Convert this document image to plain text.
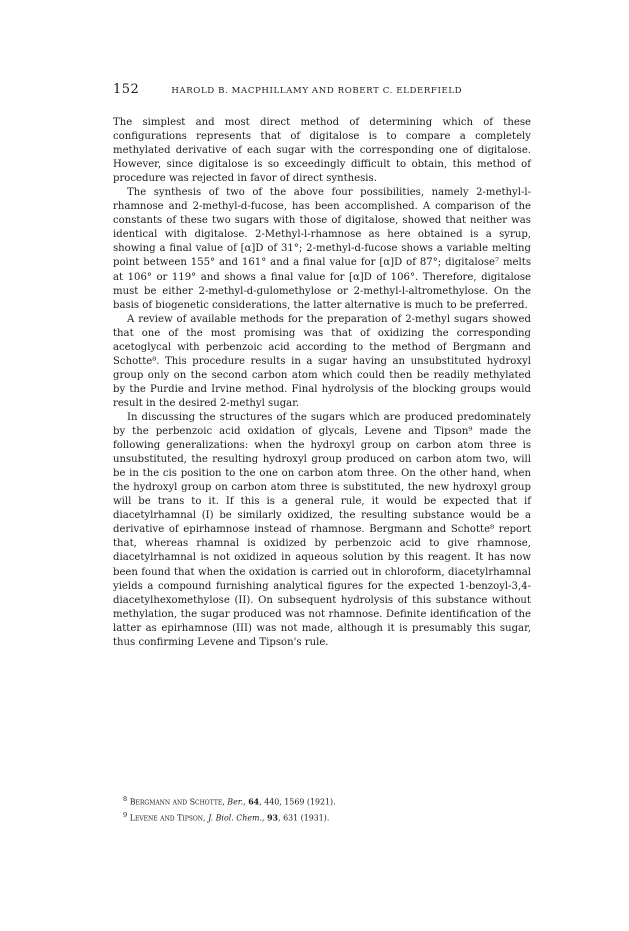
152	HAROLD B. MACPHILLAMY AND ROBERT C. ELDERFIELD

The simplest and most direct method of determining which of these configurations represents that of digitalose is to compare a completely methylated derivative of each sugar with the corresponding one of digitalose. However, since digitalose is so exceedingly difficult to obtain, this method of procedure was rejected in favor of direct synthesis.

The synthesis of two of the above four possibilities, namely 2-methyl-l-rhamnose and 2-methyl-d-fucose, has been accomplished. A comparison of the constants of these two sugars with those of digitalose, showed that neither was identical with digitalose. 2-Methyl-l-rhamnose as here obtained is a syrup, showing a final value of [α]D of 31°; 2-methyl-d-fucose shows a variable melting point between 155° and 161° and a final value for [α]D of 87°; digitalose⁷ melts at 106° or 119° and shows a final value for [α]D of 106°. Therefore, digitalose must be either 2-methyl-d-gulomethylose or 2-methyl-l-altromethylose. On the basis of biogenetic considerations, the latter alternative is much to be preferred.

A review of available methods for the preparation of 2-methyl sugars showed that one of the most promising was that of oxidizing the corresponding acetoglycal with perbenzoic acid according to the method of Bergmann and Schotte⁸. This procedure results in a sugar having an unsubstituted hydroxyl group only on the second carbon atom which could then be readily methylated by the Purdie and Irvine method. Final hydrolysis of the blocking groups would result in the desired 2-methyl sugar.

In discussing the structures of the sugars which are produced predominately by the perbenzoic acid oxidation of glycals, Levene and Tipson⁹ made the following generalizations: when the hydroxyl group on carbon atom three is unsubstituted, the resulting hydroxyl group produced on carbon atom two, will be in the cis position to the one on carbon atom three. On the other hand, when the hydroxyl group on carbon atom three is substituted, the new hydroxyl group will be trans to it. If this is a general rule, it would be expected that if diacetylrhamnal (I) be similarly oxidized, the resulting substance would be a derivative of epirhamnose instead of rhamnose. Bergmann and Schotte⁸ report that, whereas rhamnal is oxidized by perbenzoic acid to give rhamnose, diacetylrhamnal is not oxidized in aqueous solution by this reagent. It has now been found that when the oxidation is carried out in chloroform, diacetylrhamnal yields a compound furnishing analytical figures for the expected 1-benzoyl-3,4-diacetylhexomethylose (II). On subsequent hydrolysis of this substance without methylation, the sugar produced was not rhamnose. Definite identification of the latter as epirhamnose (III) was not made, although it is presumably this sugar, thus confirming Levene and Tipson's rule.

$^8$ Bergmann and Schotte, Ber., 64, 440, 1569 (1921).

$^9$ Levene and Tipson, J. Biol. Chem., 93, 631 (1931).
